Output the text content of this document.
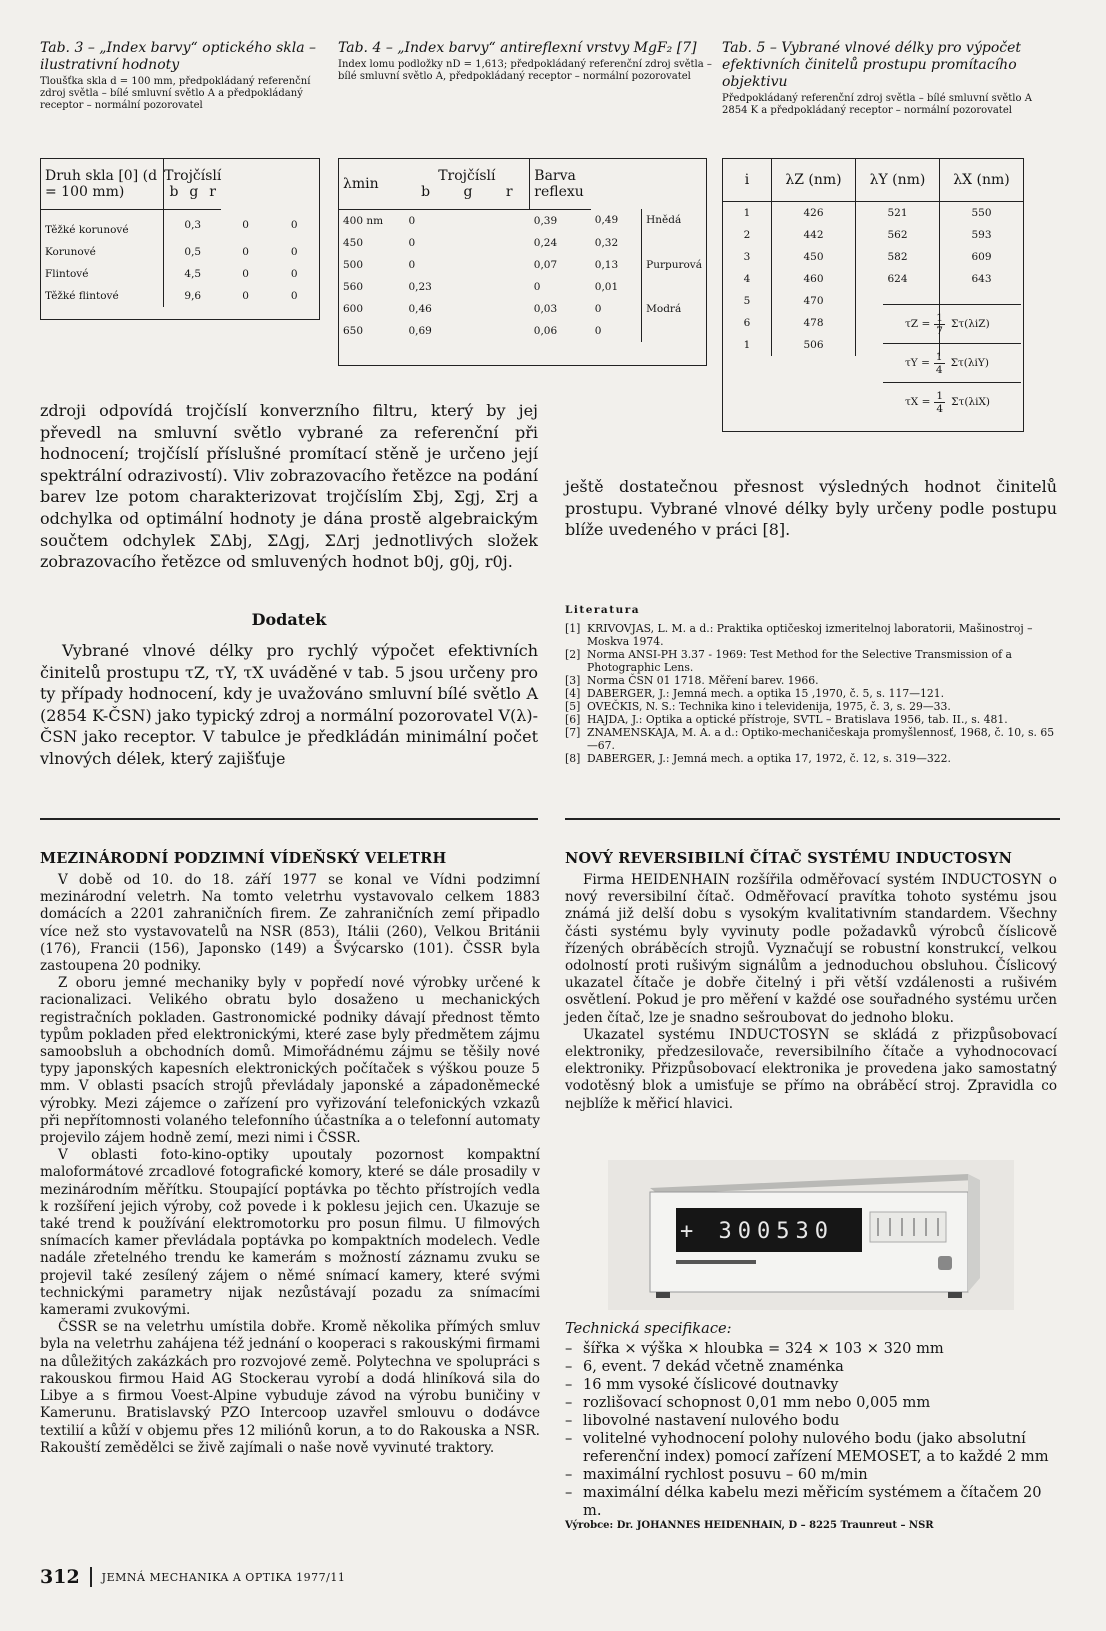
Tab. 3 – „Index barvy“ optického skla – ilustrativní hodnoty
Tloušťka skla d = 100 mm, předpokládaný referenční zdroj světla – bílé smluvní světlo A a předpokládaný receptor – normální pozorovatel
Tab. 4 – „Index barvy“ antireflexní vrstvy MgF₂ [7]
Index lomu podložky nD = 1,613; předpokládaný referenční zdroj světla – bílé smluvní světlo A, předpokládaný receptor – normální pozorovatel
Tab. 5 – Vybrané vlnové délky pro výpočet efektivních činitelů prostupu promítacího objektivu
Předpokládaný referenční zdroj světla – bílé smluvní světlo A 2854 K a předpokládaný receptor – normální pozorovatel
Druh skla [0] (d = 100 mm)	Trojčíslí
b g r		

Těžké korunové	0,3	0	0
Korunové	0,5	0	0
Flintové	4,5	0	0
Těžké flintové	9,6	0	0
λmin	Trojčíslí
b g r	Barva reflexu		
400 nm	0	0,39	0,49	Hnědá
450	0	0,24	0,32	
500	0	0,07	0,13	Purpurová
560	0,23	0	0,01	
600	0,46	0,03	0	Modrá
650	0,69	0,06	0	
i	λZ (nm)	λY (nm)	λX (nm)
1	426	521	550
2	442	562	593
3	450	582	609
4	460	624	643
5	470		
6	478		
1	506		
$\tau Z = \frac{1}{7} \Sigma\tau(\lambda iZ)$
$\tau Y = \frac{1}{4} \Sigma\tau(\lambda iY)$
$\tau X = \frac{1}{4} \Sigma\tau(\lambda iX)$
zdroji odpovídá trojčíslí konverzního filtru, který by jej převedl na smluvní světlo vybrané za referenční při hodnocení; trojčíslí příslušné promítací stěně je určeno její spektrální odrazivostí). Vliv zobrazovacího řetězce na podání barev lze potom charakterizovat trojčíslím Σbj, Σgj, Σrj a odchylka od optimální hodnoty je dána prostě algebraickým součtem odchylek ΣΔbj, ΣΔgj, ΣΔrj jednotlivých složek zobrazovacího řetězce od smluvených hodnot b0j, g0j, r0j.
Dodatek
Vybrané vlnové délky pro rychlý výpočet efektivních činitelů prostupu τZ, τY, τX uváděné v tab. 5 jsou určeny pro ty případy hodnocení, kdy je uvažováno smluvní bílé světlo A (2854 K-ČSN) jako typický zdroj a normální pozorovatel V(λ)-ČSN jako receptor. V tabulce je předkládán minimální počet vlnových délek, který zajišťuje
ještě dostatečnou přesnost výsledných hodnot činitelů prostupu. Vybrané vlnové délky byly určeny podle postupu blíže uvedeného v práci [8].
Literatura
[1] KRIVOVJAS, L. M. a d.: Praktika optičeskoj izmeritelnoj laboratorii, Mašinostroj – Moskva 1974.
[2] Norma ANSI-PH 3.37 - 1969: Test Method for the Selective Transmission of a Photographic Lens.
[3] Norma ČSN 01 1718. Měření barev. 1966.
[4] DABERGER, J.: Jemná mech. a optika 15 ,1970, č. 5, s. 117—121.
[5] OVEČKIS, N. S.: Technika kino i televidenija, 1975, č. 3, s. 29—33.
[6] HAJDA, J.: Optika a optické přístroje, SVTL – Bratislava 1956, tab. II., s. 481.
[7] ZNAMENSKAJA, M. A. a d.: Optiko-mechaničeskaja promyšlennosť, 1968, č. 10, s. 65—67.
[8] DABERGER, J.: Jemná mech. a optika 17, 1972, č. 12, s. 319—322.
MEZINÁRODNÍ PODZIMNÍ VÍDEŇSKÝ VELETRH

V době od 10. do 18. září 1977 se konal ve Vídni podzimní mezinárodní veletrh. Na tomto veletrhu vystavovalo celkem 1883 domácích a 2201 zahraničních firem. Ze zahraničních zemí připadlo více než sto vystavovatelů na NSR (853), Itálii (260), Velkou Británii (176), Francii (156), Japonsko (149) a Švýcarsko (101). ČSSR byla zastoupena 20 podniky.

Z oboru jemné mechaniky byly v popředí nové výrobky určené k racionalizaci. Velikého obratu bylo dosaženo u mechanických registračních pokladen. Gastronomické podniky dávají přednost těmto typům pokladen před elektronickými, které zase byly předmětem zájmu samoobsluh a obchodních domů. Mimořádnému zájmu se těšily nové typy japonských kapesních elektronických počítaček s výškou pouze 5 mm. V oblasti psacích strojů převládaly japonské a západoněmecké výrobky. Mezi zájemce o zařízení pro vyřizování telefonických vzkazů při nepřítomnosti volaného telefonního účastníka a o telefonní automaty projevilo zájem hodně zemí, mezi nimi i ČSSR.

V oblasti foto-kino-optiky upoutaly pozornost kompaktní maloformátové zrcadlové fotografické komory, které se dále prosadily v mezinárodním měřítku. Stoupající poptávka po těchto přístrojích vedla k rozšíření jejich výroby, což povede i k poklesu jejich cen. Ukazuje se také trend k používání elektromotorku pro posun filmu. U filmových snímacích kamer převládala poptávka po kompaktních modelech. Vedle nadále zřetelného trendu ke kamerám s možností záznamu zvuku se projevil také zesílený zájem o němé snímací kamery, které svými technickými parametry nijak nezůstávají pozadu za snímacími kamerami zvukovými.

ČSSR se na veletrhu umístila dobře. Kromě několika přímých smluv byla na veletrhu zahájena též jednání o kooperaci s rakouskými firmami na důležitých zakázkách pro rozvojové země. Polytechna ve spolupráci s rakouskou firmou Haid AG Stockerau vyrobí a dodá hliníková sila do Libye a s firmou Voest-Alpine vybuduje závod na výrobu buničiny v Kamerunu. Bratislavský PZO Intercoop uzavřel smlouvu o dodávce textilií a kůží v objemu přes 12 miliónů korun, a to do Rakouska a NSR. Rakouští zemědělci se živě zajímali o naše nově vyvinuté traktory.

NOVÝ REVERSIBILNÍ ČÍTAČ SYSTÉMU INDUCTOSYN

Firma HEIDENHAIN rozšířila odměřovací systém INDUCTOSYN o nový reversibilní čítač. Odměřovací pravítka tohoto systému jsou známá již delší dobu s vysokým kvalitativním standardem. Všechny části systému byly vyvinuty podle požadavků výrobců číslicově řízených obráběcích strojů. Vyznačují se robustní konstrukcí, velkou odolností proti rušivým signálům a jednoduchou obsluhou. Číslicový ukazatel čítače je dobře čitelný i při větší vzdálenosti a rušivém osvětlení. Pokud je pro měření v každé ose souřadného systému určen jeden čítač, lze je snadno sešroubovat do jednoho bloku.

Ukazatel systému INDUCTOSYN se skládá z přizpůsobovací elektroniky, předzesilovače, reversibilního čítače a vyhodnocovací elektroniky. Přizpůsobovací elektronika je provedena jako samostatný vodotěsný blok a umisťuje se přímo na obráběcí stroj. Zpravidla co nejblíže k měřicí hlavici.

+ 300530
Technická specifikace:
– šířka × výška × hloubka = 324 × 103 × 320 mm
– 6, event. 7 dekád včetně znaménka
– 16 mm vysoké číslicové doutnavky
– rozlišovací schopnost 0,01 mm nebo 0,005 mm
– libovolné nastavení nulového bodu
– volitelné vyhodnocení polohy nulového bodu (jako absolutní referenční index) pomocí zařízení MEMOSET, a to každé 2 mm
– maximální rychlost posuvu – 60 m/min
– maximální délka kabelu mezi měřicím systémem a čítačem 20 m.
Výrobce: Dr. JOHANNES HEIDENHAIN, D – 8225 Traunreut – NSR
312 JEMNÁ MECHANIKA A OPTIKA 1977/11
